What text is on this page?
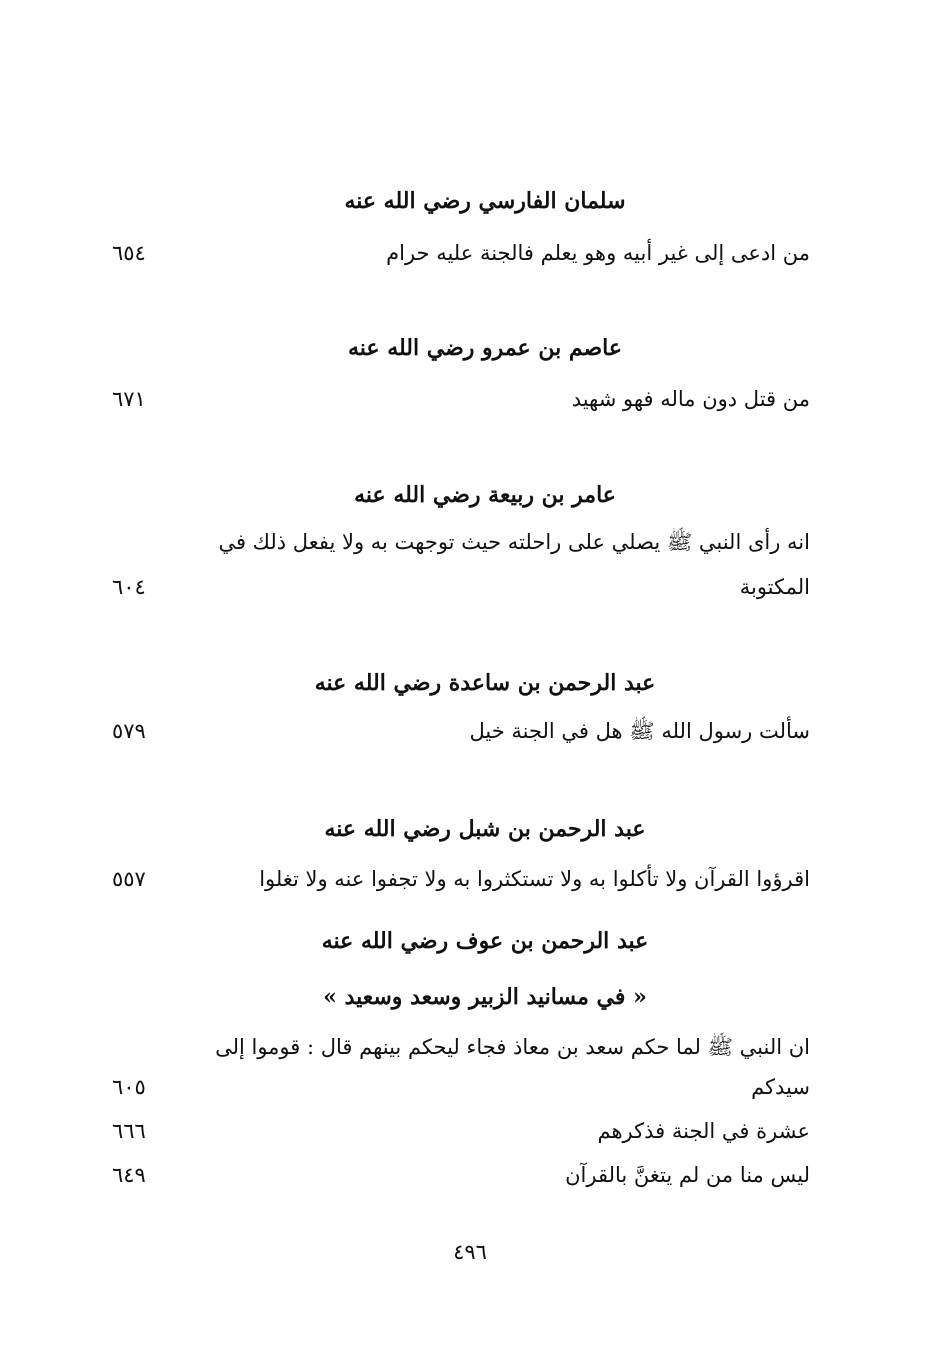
سلمان الفارسي رضي الله عنه
من ادعى إلى غير أبيه وهو يعلم فالجنة عليه حرام
٦٥٤
عاصم بن عمرو رضي الله عنه
من قتل دون ماله فهو شهيد
٦٧١
عامر بن ربيعة رضي الله عنه
انه رأى النبي ﷺ يصلي على راحلته حيث توجهت به ولا يفعل ذلك في
المكتوبة
٦٠٤
عبد الرحمن بن ساعدة رضي الله عنه
سألت رسول الله ﷺ هل في الجنة خيل
٥٧٩
عبد الرحمن بن شبل رضي الله عنه
اقرؤوا القرآن ولا تأكلوا به ولا تستكثروا به ولا تجفوا عنه ولا تغلوا
٥٥٧
عبد الرحمن بن عوف رضي الله عنه
« في مسانيد الزبير وسعد وسعيد »
ان النبي ﷺ لما حكم سعد بن معاذ فجاء ليحكم بينهم قال : قوموا إلى
سيدكم
٦٠٥
عشرة في الجنة فذكرهم
٦٦٦
ليس منا من لم يتغنَّ بالقرآن
٦٤٩
٤٩٦
